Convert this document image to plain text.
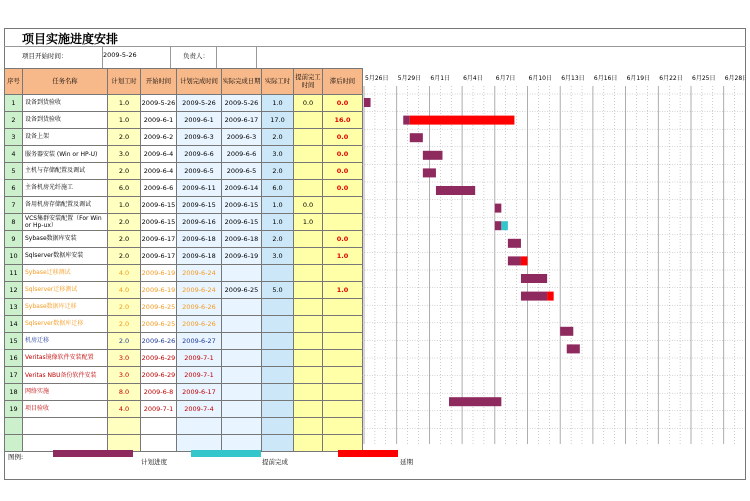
项目实施进度安排
项目开始时间：	2009-5-26	负责人：
序号	任务名称	计划工时	开始时间	计划完成时间	实际完成日期	实际工时	提前完工时间	滞后时间
1	设备到货验收	1.0	2009-5-26	2009-5-26	2009-5-26	1.0	0.0	0.0
2	设备到货验收	1.0	2009-6-1	2009-6-1	2009-6-17	17.0		16.0
3	设备上架	2.0	2009-6-2	2009-6-3	2009-6-3	2.0		0.0
4	服务器安装 (Win or HP-U)	3.0	2009-6-4	2009-6-6	2009-6-6	3.0		0.0
5	主机与存储配置及调试	2.0	2009-6-4	2009-6-5	2009-6-5	2.0		0.0
6	主备机房光纤施工	6.0	2009-6-6	2009-6-11	2009-6-14	6.0		0.0
7	备用机房存储配置及调试	1.0	2009-6-15	2009-6-15	2009-6-15	1.0	0.0	
8	VCS集群安装配置（For Win or Hp-ux）	2.0	2009-6-15	2009-6-16	2009-6-15	1.0	1.0	
9	Sybase数据库安装	2.0	2009-6-17	2009-6-18	2009-6-18	2.0		0.0
10	Sqlserver数据库安装	2.0	2009-6-17	2009-6-18	2009-6-19	3.0		1.0
11	Sybase迁移测试	4.0	2009-6-19	2009-6-24				
12	Sqlserver迁移测试	4.0	2009-6-19	2009-6-24	2009-6-25	5.0		1.0
13	Sybase数据库迁移	2.0	2009-6-25	2009-6-26				
14	Sqlserver数据库迁移	2.0	2009-6-25	2009-6-26				
15	机房迁移	2.0	2009-6-26	2009-6-27				
16	Veritas镜像软件安装配置	3.0	2009-6-29	2009-7-1				
17	Veritas NBU备份软件安装	3.0	2009-6-29	2009-7-1				
18	网络实施	8.0	2009-6-8	2009-6-17				
19	项目验收	4.0	2009-7-1	2009-7-4				

5月26日 5月29日 6月1日 6月4日 6月7日 6月10日 6月13日 6月16日 6月19日 6月22日 6月25日 6月28日
图例:
计划进度	提前完成	延期
